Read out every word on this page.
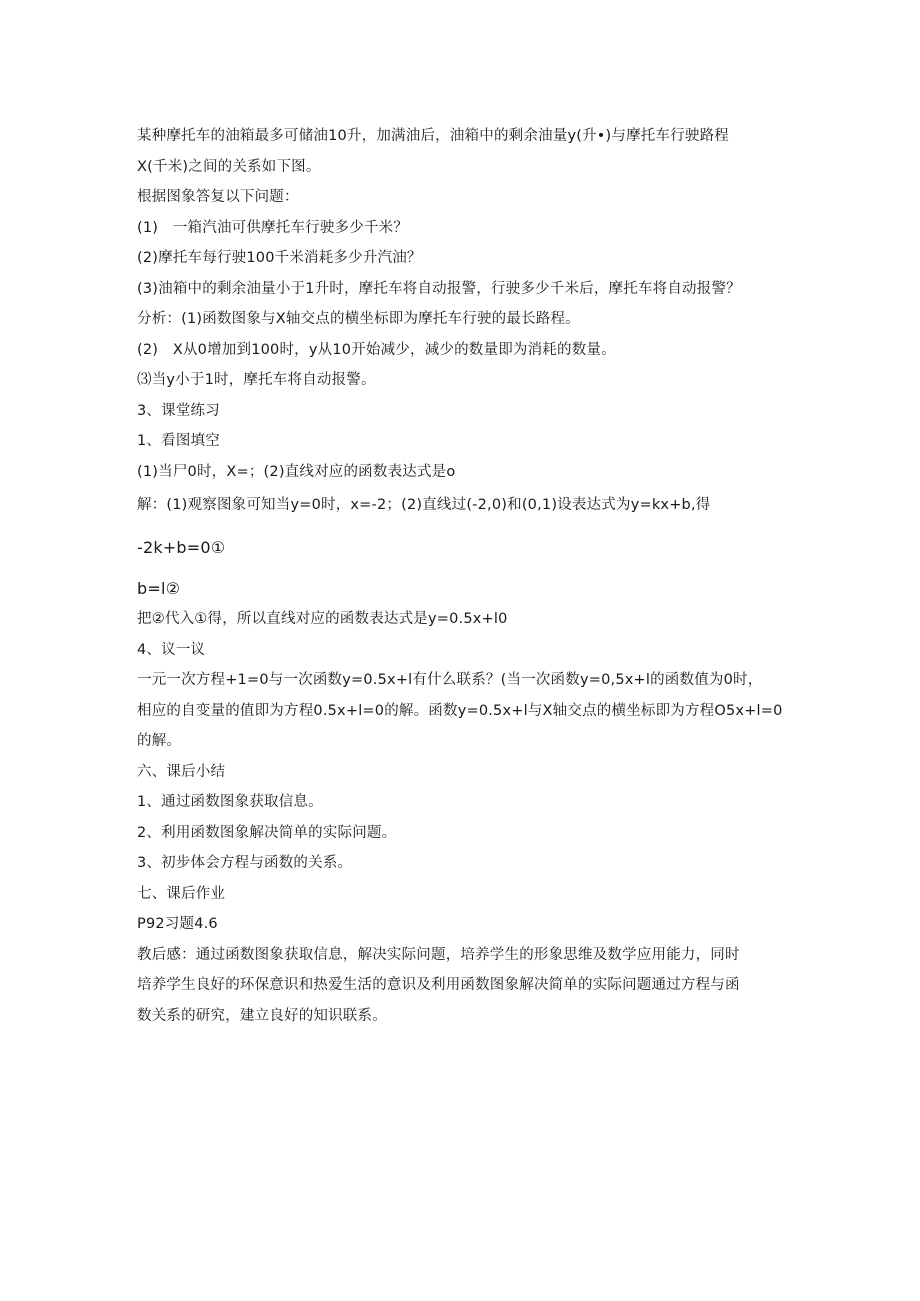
某种摩托车的油箱最多可储油10升，加满油后，油箱中的剩余油量y(升•)与摩托车行驶路程
X(千米)之间的关系如下图。
根据图象答复以下问题：
(1)　一箱汽油可供摩托车行驶多少千米？
(2)摩托车每行驶100千米消耗多少升汽油？
(3)油箱中的剩余油量小于1升时，摩托车将自动报警，行驶多少千米后，摩托车将自动报警？
分析：(1)函数图象与X轴交点的横坐标即为摩托车行驶的最长路程。
(2)　X从0增加到100时，y从10开始减少，减少的数量即为消耗的数量。
⑶当y小于1时，摩托车将自动报警。
3、课堂练习
1、看图填空
(1)当尸0时，X=；(2)直线对应的函数表达式是o
解：(1)观察图象可知当y=0时，x=-2；(2)直线过(-2,0)和(0,1)设表达式为y=kx+b,得
-2k+b=0①
b=l②
把②代入①得，所以直线对应的函数表达式是y=0.5x+l0
4、议一议
一元一次方程+1=0与一次函数y=0.5x+l有什么联系？(当一次函数y=0,5x+l的函数值为0时，
相应的自变量的值即为方程0.5x+l=0的解。函数y=0.5x+l与X轴交点的横坐标即为方程O5x+l=0
的解。
六、课后小结
1、通过函数图象获取信息。
2、利用函数图象解决简单的实际问题。
3、初步体会方程与函数的关系。
七、课后作业
P92习题4.6
教后感：通过函数图象获取信息，解决实际问题，培养学生的形象思维及数学应用能力，同时
培养学生良好的环保意识和热爱生活的意识及利用函数图象解决简单的实际问题通过方程与函
数关系的研究，建立良好的知识联系。
